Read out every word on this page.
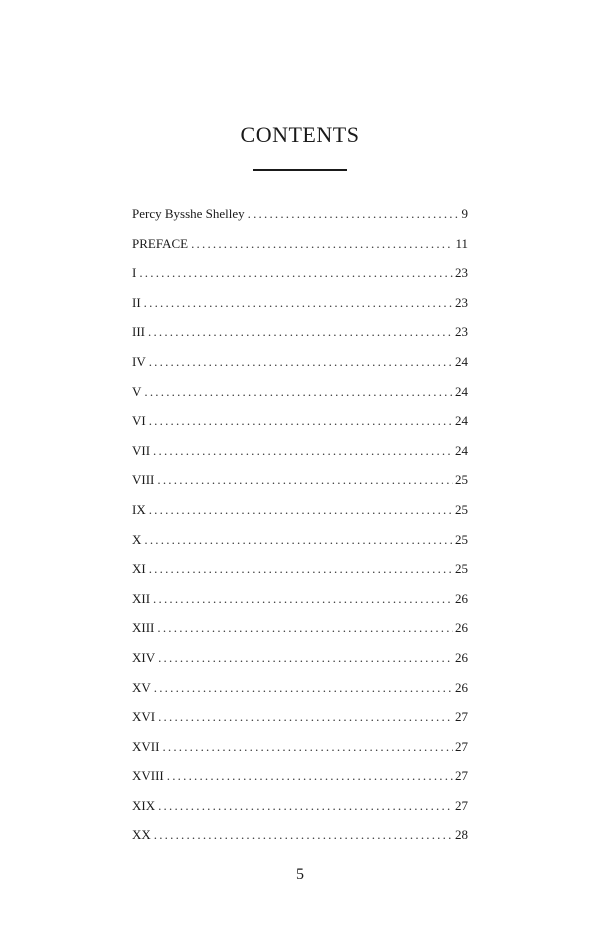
CONTENTS
Percy Bysshe Shelley .....	9
PREFACE .....	11
I .....	23
II .....	23
III .....	23
IV .....	24
V .....	24
VI .....	24
VII .....	24
VIII .....	25
IX .....	25
X .....	25
XI .....	25
XII .....	26
XIII .....	26
XIV .....	26
XV .....	26
XVI .....	27
XVII .....	27
XVIII .....	27
XIX .....	27
XX .....	28
5
